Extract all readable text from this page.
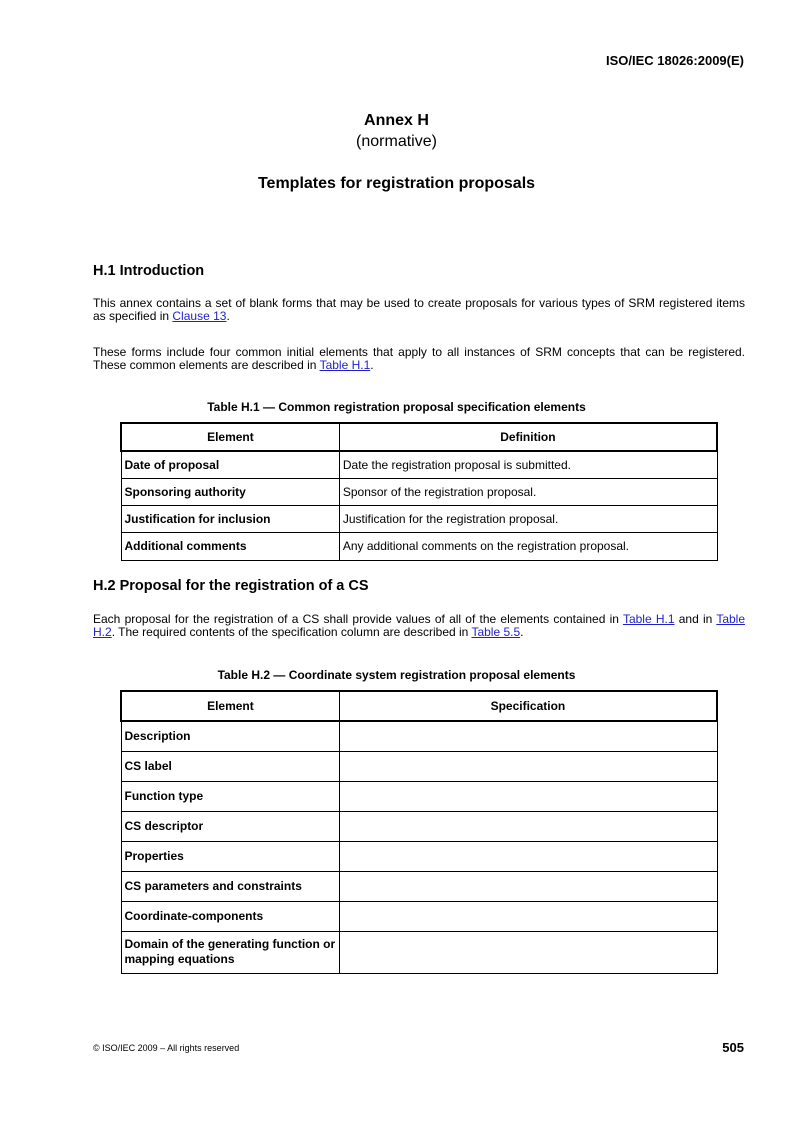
ISO/IEC 18026:2009(E)
Annex H
(normative)
Templates for registration proposals
H.1 Introduction
This annex contains a set of blank forms that may be used to create proposals for various types of SRM registered items as specified in Clause 13.
These forms include four common initial elements that apply to all instances of SRM concepts that can be registered. These common elements are described in Table H.1.
Table H.1 — Common registration proposal specification elements
Element	Definition
Date of proposal	Date the registration proposal is submitted.
Sponsoring authority	Sponsor of the registration proposal.
Justification for inclusion	Justification for the registration proposal.
Additional comments	Any additional comments on the registration proposal.
H.2 Proposal for the registration of a CS
Each proposal for the registration of a CS shall provide values of all of the elements contained in Table H.1 and in Table H.2. The required contents of the specification column are described in Table 5.5.
Table H.2 — Coordinate system registration proposal elements
Element	Specification
Description	
CS label	
Function type	
CS descriptor	
Properties	
CS parameters and constraints	
Coordinate-components	
Domain of the generating function or mapping equations	
© ISO/IEC 2009 – All rights reserved	505
